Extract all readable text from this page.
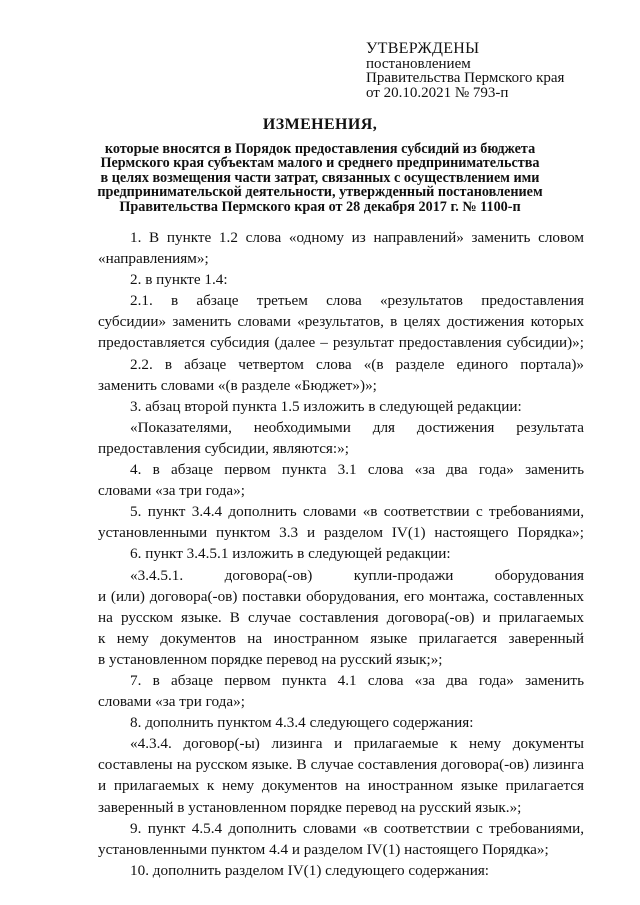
УТВЕРЖДЕНЫ
постановлением
Правительства Пермского края
от 20.10.2021 № 793-п
ИЗМЕНЕНИЯ,
которые вносятся в Порядок предоставления субсидий из бюджета
Пермского края субъектам малого и среднего предпринимательства
в целях возмещения части затрат, связанных с осуществлением ими
предпринимательской деятельности, утвержденный постановлением
Правительства Пермского края от 28 декабря 2017 г. № 1100-п
1. В пункте 1.2 слова «одному из направлений» заменить словом
«направлениям»;
2. в пункте 1.4:
2.1. в абзаце третьем слова «результатов предоставления
субсидии» заменить словами «результатов, в целях достижения которых
предоставляется субсидия (далее – результат предоставления субсидии)»;
2.2. в абзаце четвертом слова «(в разделе единого портала)»
заменить словами «(в разделе «Бюджет»)»;
3. абзац второй пункта 1.5 изложить в следующей редакции:
«Показателями, необходимыми для достижения результата
предоставления субсидии, являются:»;
4. в абзаце первом пункта 3.1 слова «за два года» заменить
словами «за три года»;
5. пункт 3.4.4 дополнить словами «в соответствии с требованиями,
установленными пунктом 3.3 и разделом IV(1) настоящего Порядка»;
6. пункт 3.4.5.1 изложить в следующей редакции:
«3.4.5.1. договора(-ов) купли-продажи оборудования
и (или) договора(-ов) поставки оборудования, его монтажа, составленных
на русском языке. В случае составления договора(-ов) и прилагаемых
к нему документов на иностранном языке прилагается заверенный
в установленном порядке перевод на русский язык;»;
7. в абзаце первом пункта 4.1 слова «за два года» заменить
словами «за три года»;
8. дополнить пунктом 4.3.4 следующего содержания:
«4.3.4. договор(-ы) лизинга и прилагаемые к нему документы
составлены на русском языке. В случае составления договора(-ов) лизинга
и прилагаемых к нему документов на иностранном языке прилагается
заверенный в установленном порядке перевод на русский язык.»;
9. пункт 4.5.4 дополнить словами «в соответствии с требованиями,
установленными пунктом 4.4 и разделом IV(1) настоящего Порядка»;
10. дополнить разделом IV(1) следующего содержания:
